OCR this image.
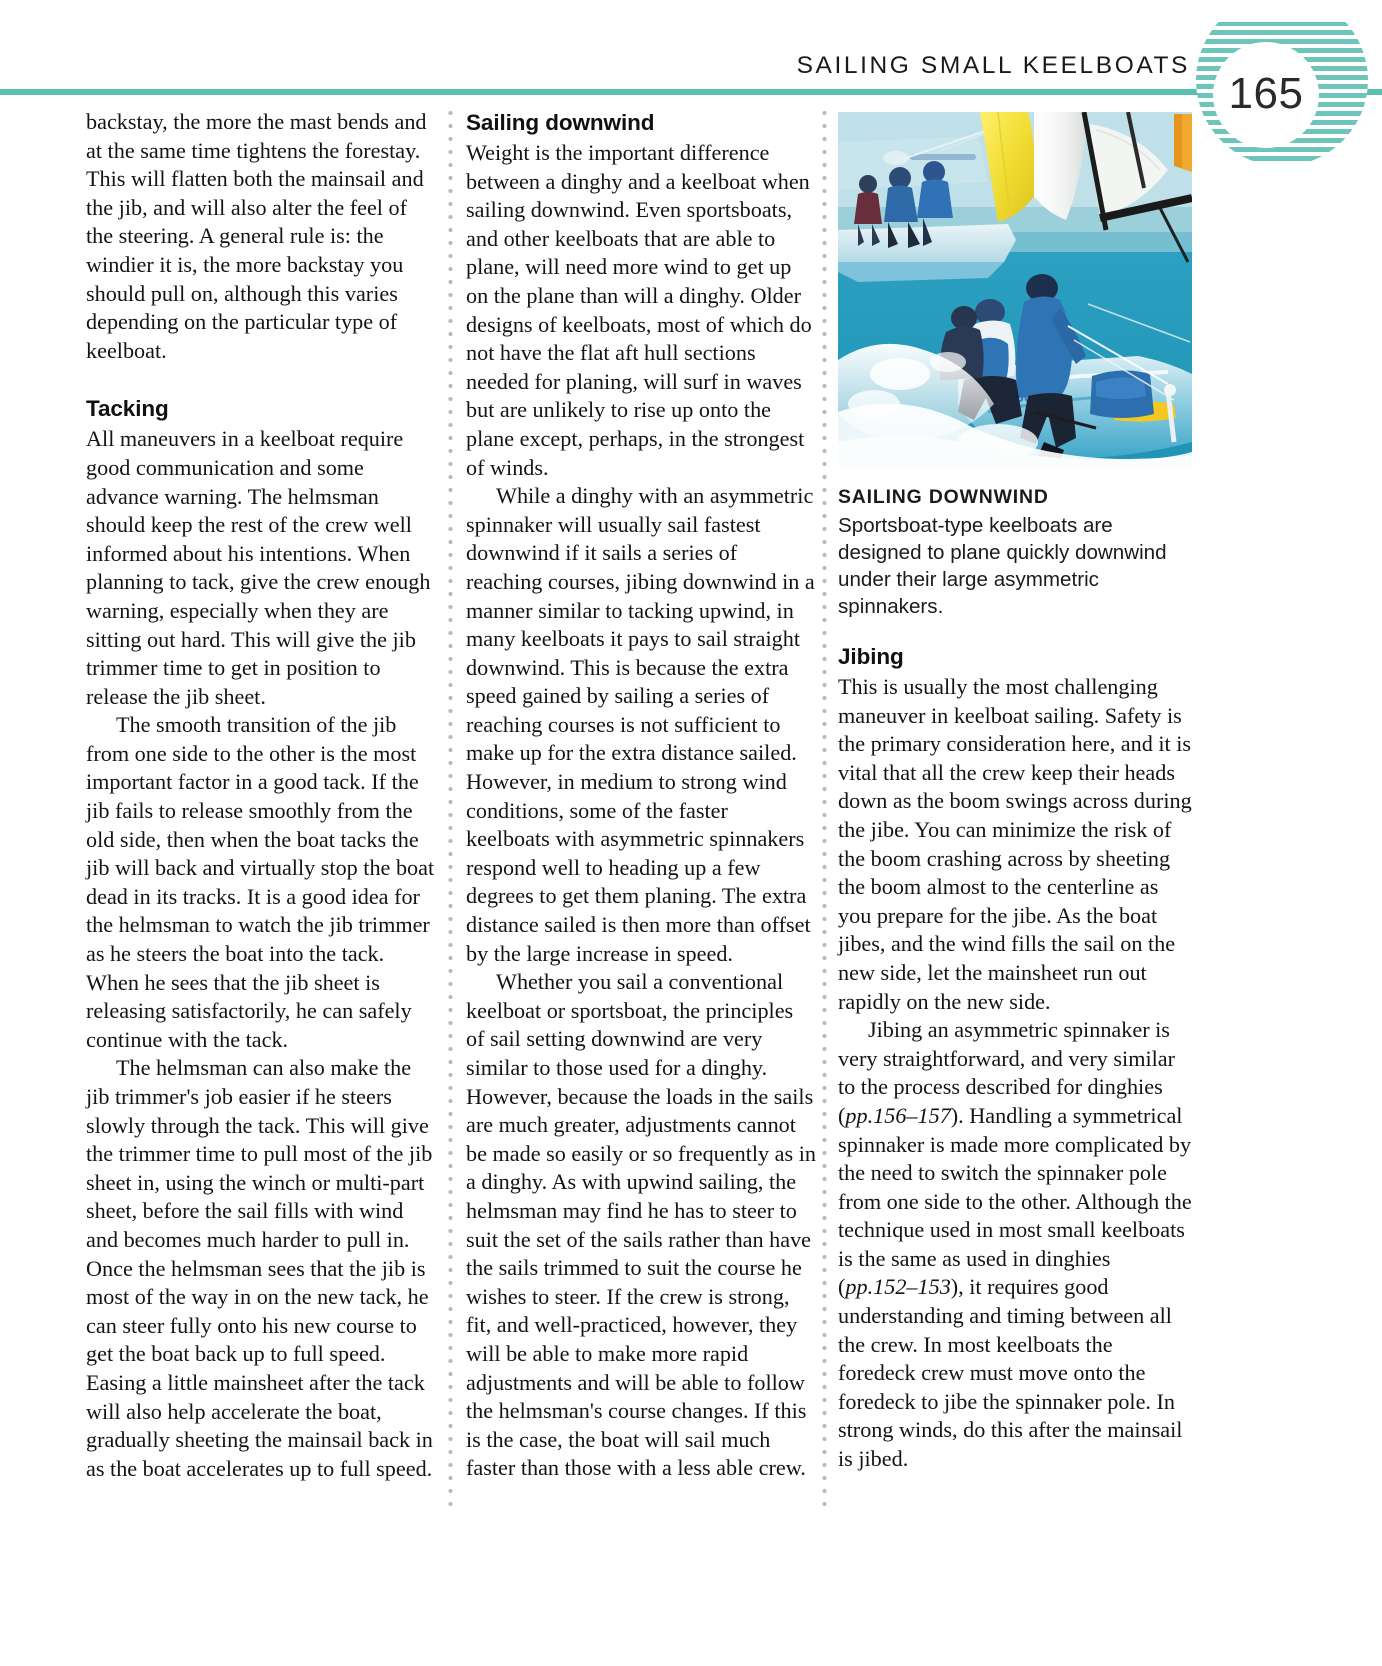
SAILING SMALL KEELBOATS
165

backstay, the more the mast bends and at the same time tightens the forestay. This will flatten both the mainsail and the jib, and will also alter the feel of the steering. A general rule is: the windier it is, the more backstay you should pull on, although this varies depending on the particular type of keelboat.

Tacking

All maneuvers in a keelboat require good communication and some advance warning. The helmsman should keep the rest of the crew well informed about his intentions. When planning to tack, give the crew enough warning, especially when they are sitting out hard. This will give the jib trimmer time to get in position to release the jib sheet.

The smooth transition of the jib from one side to the other is the most important factor in a good tack. If the jib fails to release smoothly from the old side, then when the boat tacks the jib will back and virtually stop the boat dead in its tracks. It is a good idea for the helmsman to watch the jib trimmer as he steers the boat into the tack. When he sees that the jib sheet is releasing satisfactorily, he can safely continue with the tack.

The helmsman can also make the jib trimmer's job easier if he steers slowly through the tack. This will give the trimmer time to pull most of the jib sheet in, using the winch or multi-part sheet, before the sail fills with wind and becomes much harder to pull in. Once the helmsman sees that the jib is most of the way in on the new tack, he can steer fully onto his new course to get the boat back up to full speed. Easing a little mainsheet after the tack will also help accelerate the boat, gradually sheeting the mainsail back in as the boat accelerates up to full speed.

Sailing downwind

Weight is the important difference between a dinghy and a keelboat when sailing downwind. Even sportsboats, and other keelboats that are able to plane, will need more wind to get up on the plane than will a dinghy. Older designs of keelboats, most of which do not have the flat aft hull sections needed for planing, will surf in waves but are unlikely to rise up onto the plane except, perhaps, in the strongest of winds.

While a dinghy with an asymmetric spinnaker will usually sail fastest downwind if it sails a series of reaching courses, jibing downwind in a manner similar to tacking upwind, in many keelboats it pays to sail straight downwind. This is because the extra speed gained by sailing a series of reaching courses is not sufficient to make up for the extra distance sailed. However, in medium to strong wind conditions, some of the faster keelboats with asymmetric spinnakers respond well to heading up a few degrees to get them planing. The extra distance sailed is then more than offset by the large increase in speed.

Whether you sail a conventional keelboat or sportsboat, the principles of sail setting downwind are very similar to those used for a dinghy. However, because the loads in the sails are much greater, adjustments cannot be made so easily or so frequently as in a dinghy. As with upwind sailing, the helmsman may find he has to steer to suit the set of the sails rather than have the sails trimmed to suit the course he wishes to steer. If the crew is strong, fit, and well-practiced, however, they will be able to make more rapid adjustments and will be able to follow the helmsman's course changes. If this is the case, the boat will sail much faster than those with a less able crew.

SAILING DOWNWIND
Sportsboat-type keelboats are designed to plane quickly downwind under their large asymmetric spinnakers.
Jibing

This is usually the most challenging maneuver in keelboat sailing. Safety is the primary consideration here, and it is vital that all the crew keep their heads down as the boom swings across during the jibe. You can minimize the risk of the boom crashing across by sheeting the boom almost to the centerline as you prepare for the jibe. As the boat jibes, and the wind fills the sail on the new side, let the mainsheet run out rapidly on the new side.

Jibing an asymmetric spinnaker is very straightforward, and very similar to the process described for dinghies (pp.156–157). Handling a symmetrical spinnaker is made more complicated by the need to switch the spinnaker pole from one side to the other. Although the technique used in most small keelboats is the same as used in dinghies (pp.152–153), it requires good understanding and timing between all the crew. In most keelboats the foredeck crew must move onto the foredeck to jibe the spinnaker pole. In strong winds, do this after the mainsail is jibed.
